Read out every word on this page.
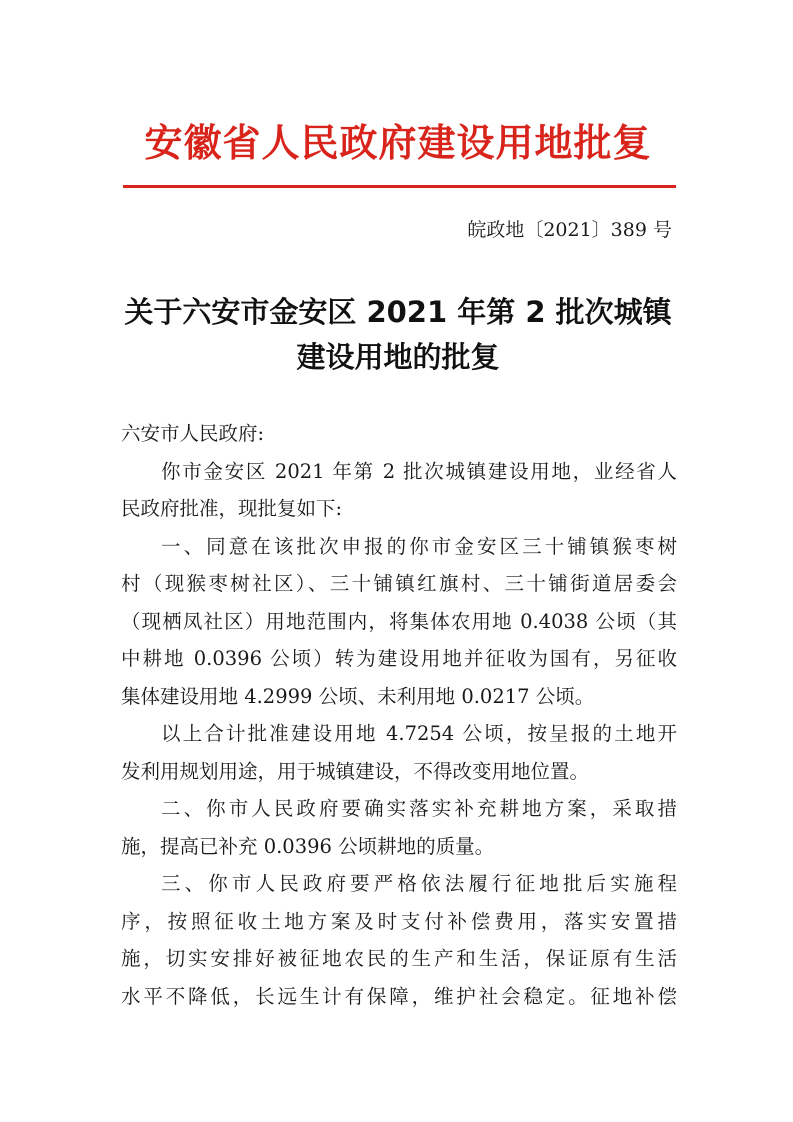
安徽省人民政府建设用地批复
皖政地〔2021〕389 号
关于六安市金安区 2021 年第 2 批次城镇
建设用地的批复
六安市人民政府:
你市金安区 2021 年第 2 批次城镇建设用地，业经省人
民政府批准，现批复如下:
一、同意在该批次申报的你市金安区三十铺镇猴枣树
村（现猴枣树社区）、三十铺镇红旗村、三十铺街道居委会
（现栖凤社区）用地范围内，将集体农用地 0.4038 公顷（其
中耕地 0.0396 公顷）转为建设用地并征收为国有，另征收
集体建设用地 4.2999 公顷、未利用地 0.0217 公顷。
以上合计批准建设用地 4.7254 公顷，按呈报的土地开
发利用规划用途，用于城镇建设，不得改变用地位置。
二、你市人民政府要确实落实补充耕地方案，采取措
施，提高已补充 0.0396 公顷耕地的质量。
三、你市人民政府要严格依法履行征地批后实施程
序，按照征收土地方案及时支付补偿费用，落实安置措
施，切实安排好被征地农民的生产和生活，保证原有生活
水平不降低，长远生计有保障，维护社会稳定。征地补偿
